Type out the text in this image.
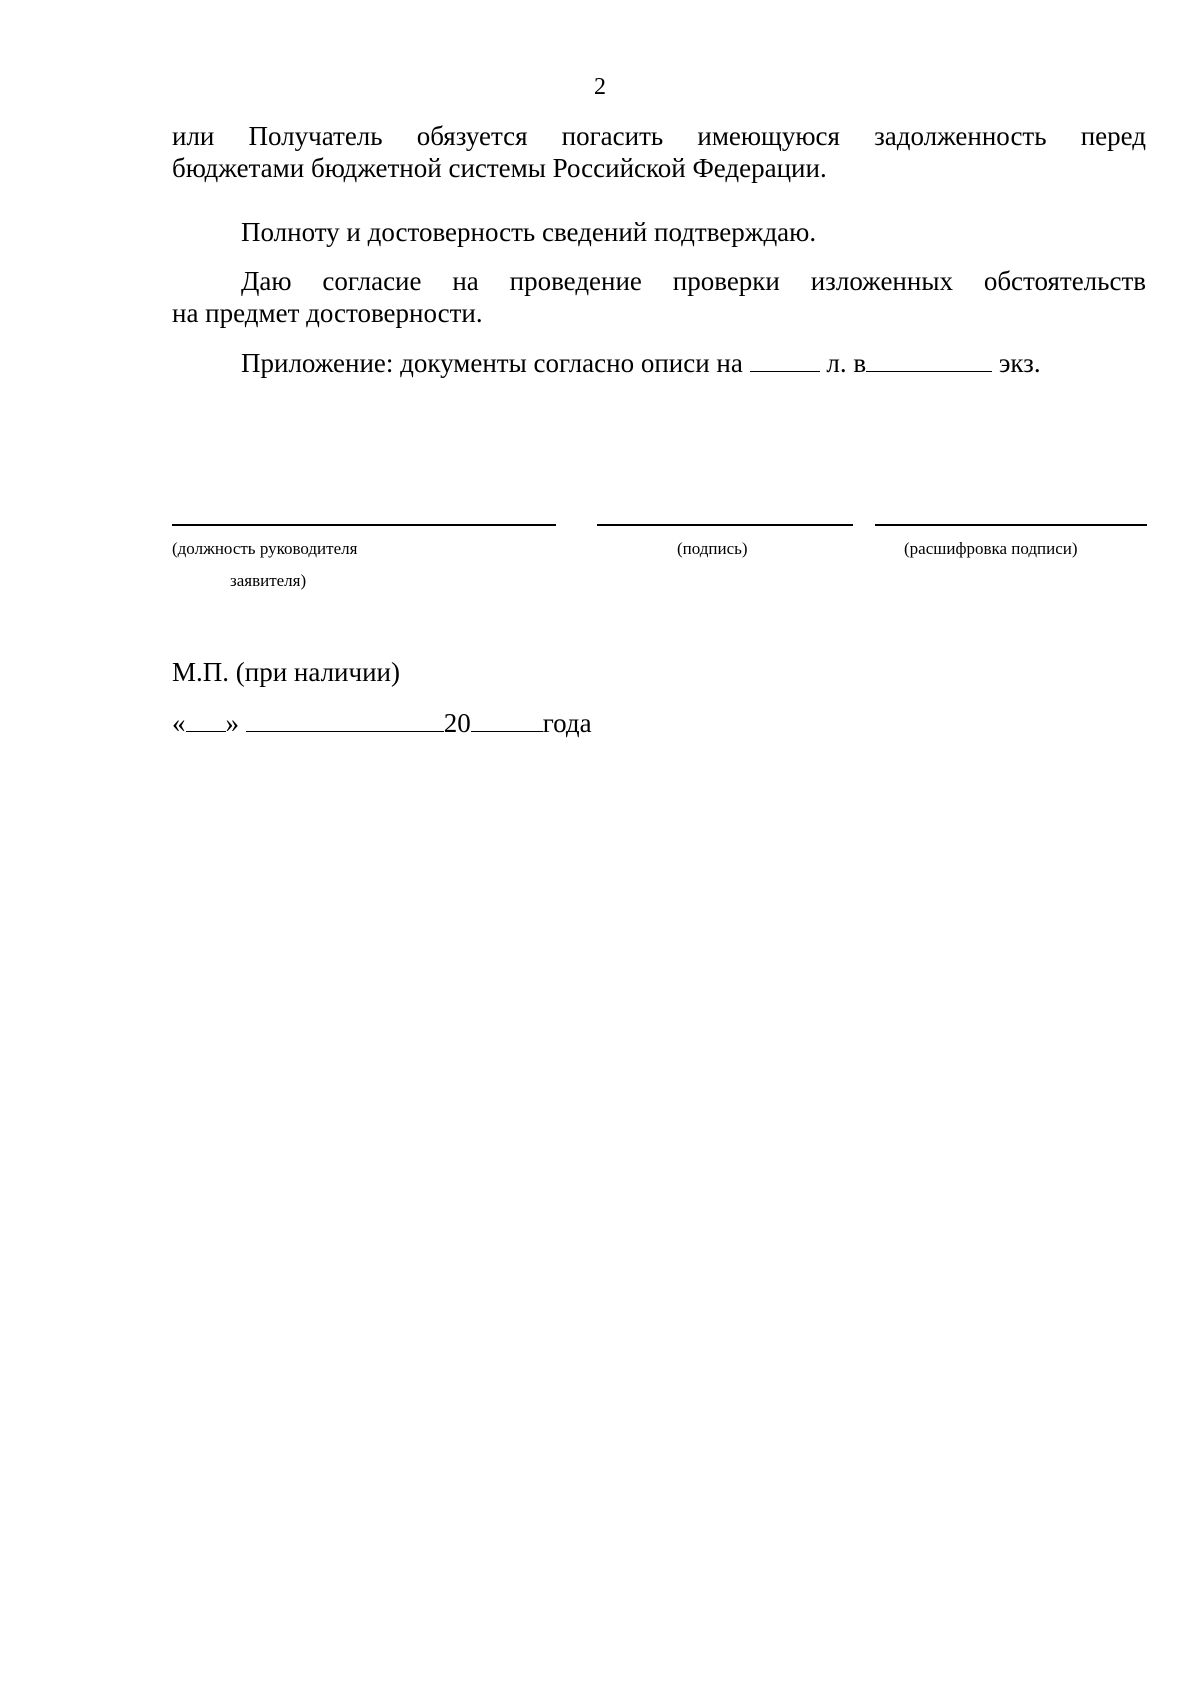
2
или Получатель обязуется погасить имеющуюся задолженность перед
бюджетами бюджетной системы Российской Федерации.
Полноту и достоверность сведений подтверждаю.
Даю согласие на проведение проверки изложенных обстоятельств
на предмет достоверности.
Приложение: документы согласно описи на	л. в	экз.
(должность руководителя
заявителя)
(подпись)	(расшифровка подписи)
М.П. (при наличии)
« »	20	года
